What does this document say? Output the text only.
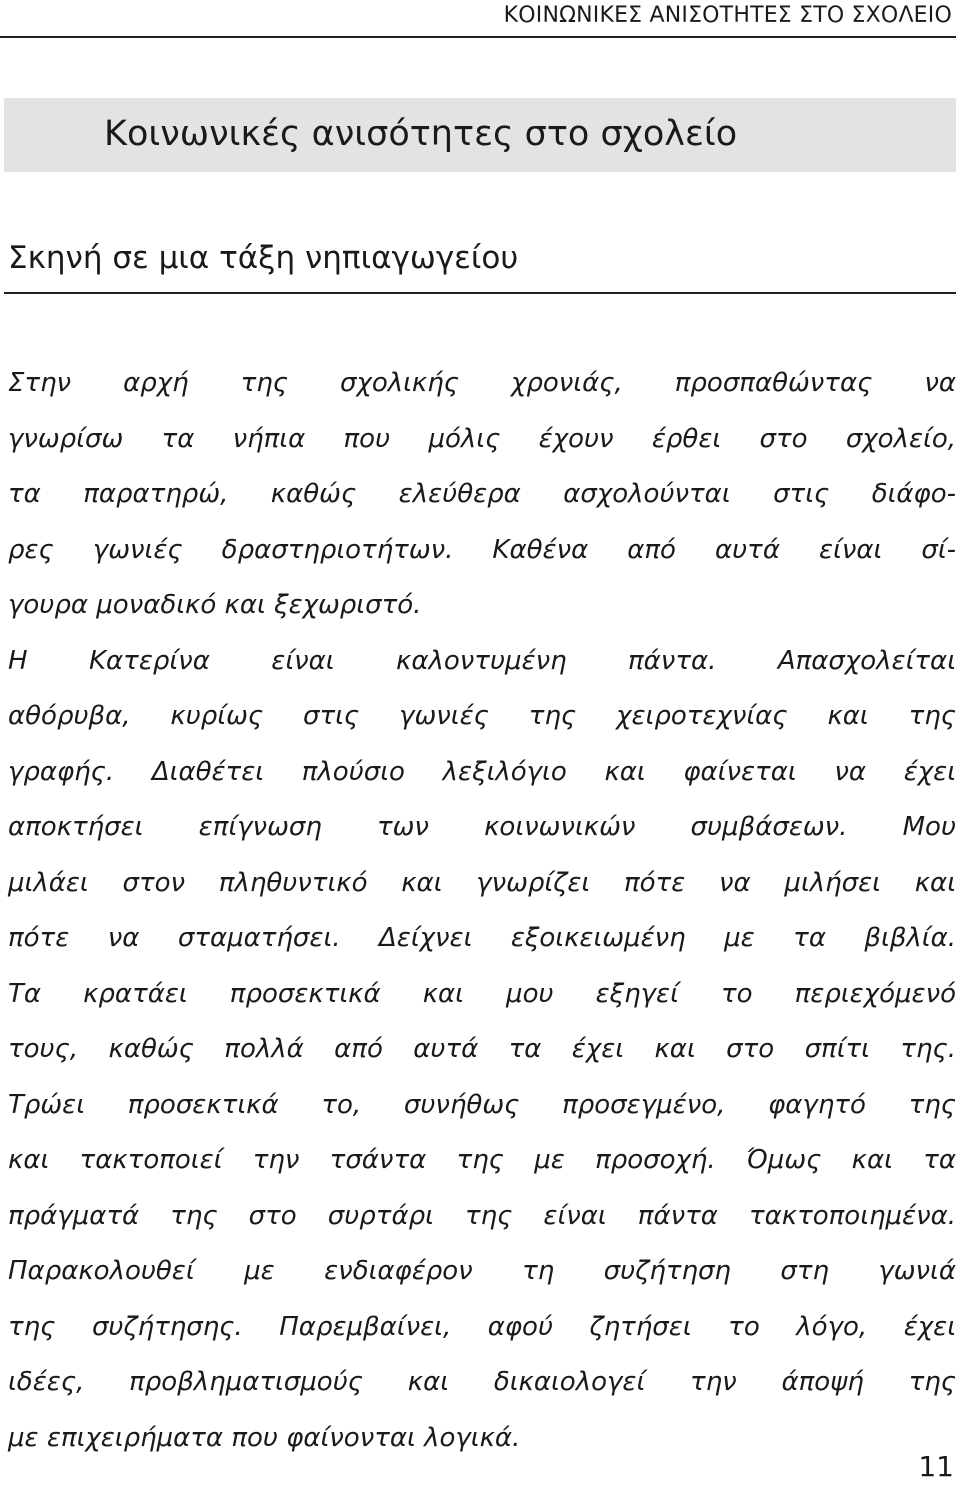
ΚΟΙΝΩΝΙΚΕΣ ΑΝΙΣΟΤΗΤΕΣ ΣΤΟ ΣΧΟΛΕΙΟ
Κοινωνικές ανισότητες στο σχολείο
Σκηνή σε μια τάξη νηπιαγωγείου
Στην αρχή της σχολικής χρονιάς, προσπαθώντας να
γνωρίσω τα νήπια που μόλις έχουν έρθει στο σχολείο,
τα παρατηρώ, καθώς ελεύθερα ασχολούνται στις διάφο-
ρες γωνιές δραστηριοτήτων. Καθένα από αυτά είναι σί-
γουρα μοναδικό και ξεχωριστό.
Η Κατερίνα είναι καλοντυμένη πάντα. Απασχολείται
αθόρυβα, κυρίως στις γωνιές της χειροτεχνίας και της
γραφής. Διαθέτει πλούσιο λεξιλόγιο και φαίνεται να έχει
αποκτήσει επίγνωση των κοινωνικών συμβάσεων. Μου
μιλάει στον πληθυντικό και γνωρίζει πότε να μιλήσει και
πότε να σταματήσει. Δείχνει εξοικειωμένη με τα βιβλία.
Τα κρατάει προσεκτικά και μου εξηγεί το περιεχόμενό
τους, καθώς πολλά από αυτά τα έχει και στο σπίτι της.
Τρώει προσεκτικά το, συνήθως προσεγμένο, φαγητό της
και τακτοποιεί την τσάντα της με προσοχή. Όμως και τα
πράγματά της στο συρτάρι της είναι πάντα τακτοποιημένα.
Παρακολουθεί με ενδιαφέρον τη συζήτηση στη γωνιά
της συζήτησης. Παρεμβαίνει, αφού ζητήσει το λόγο, έχει
ιδέες, προβληματισμούς και δικαιολογεί την άποψή της
με επιχειρήματα που φαίνονται λογικά.
11
